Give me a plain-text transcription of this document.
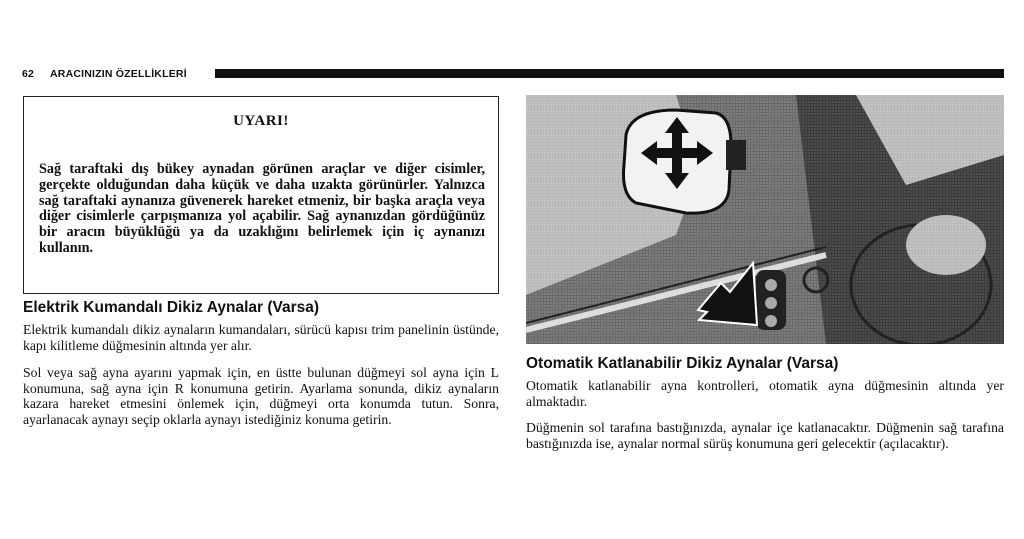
62 ARACINIZIN ÖZELLİKLERİ
UYARI!

Sağ taraftaki dış bükey aynadan görünen araçlar ve diğer cisimler, gerçekte olduğundan daha küçük ve daha uzakta görünürler. Yalnızca sağ taraftaki aynanıza güvenerek hareket etmeniz, bir başka araçla veya diğer cisimlerle çarpışmanıza yol açabilir. Sağ aynanızdan gördüğünüz bir aracın büyüklüğü ya da uzaklığını belirlemek için iç aynanızı kullanın.

Elektrik Kumandalı Dikiz Aynalar (Varsa)

Elektrik kumandalı dikiz aynaların kumandaları, sürücü kapısı trim panelinin üstünde, kapı kilitleme düğmesinin altında yer alır.

Sol veya sağ ayna ayarını yapmak için, en üstte bulunan düğmeyi sol ayna için L konumuna, sağ ayna için R konumuna getirin. Ayarlama sonunda, dikiz aynaların kazara hareket etmesini önlemek için, düğmeyi orta konumda tutun. Sonra, ayarlanacak aynayı seçip oklarla aynayı istediğiniz konuma getirin.

Otomatik Katlanabilir Dikiz Aynalar (Varsa)

Otomatik katlanabilir ayna kontrolleri, otomatik ayna düğmesinin altında yer almaktadır.

Düğmenin sol tarafına bastığınızda, aynalar içe katlanacaktır. Düğmenin sağ tarafına bastığınızda ise, aynalar normal sürüş konumuna geri gelecektir (açılacaktır).
